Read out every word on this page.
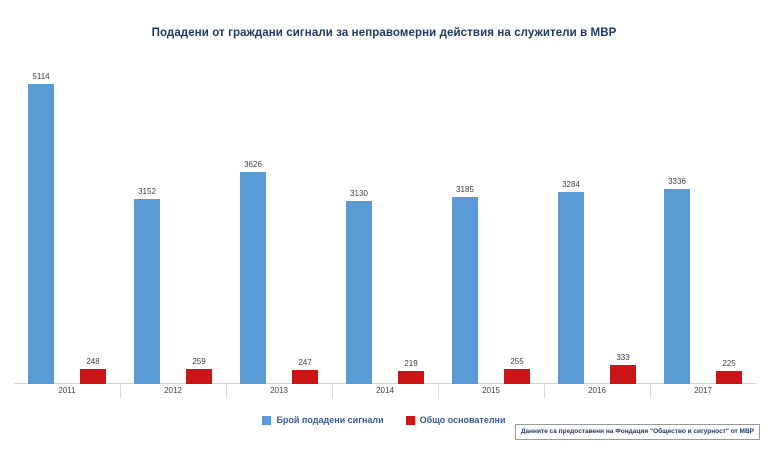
Подадени от граждани сигнали за неправомерни действия на служители в МВР
5114
248
3152
259
3626
247
3130
219
3185
255
3284
333
3336
225
2011	2012	2013	2014	2015	2016	2017
Брой подадени сигнали	Общо основателни
Данните са предоставени на Фондация "Общество и сигурност" от МВР
